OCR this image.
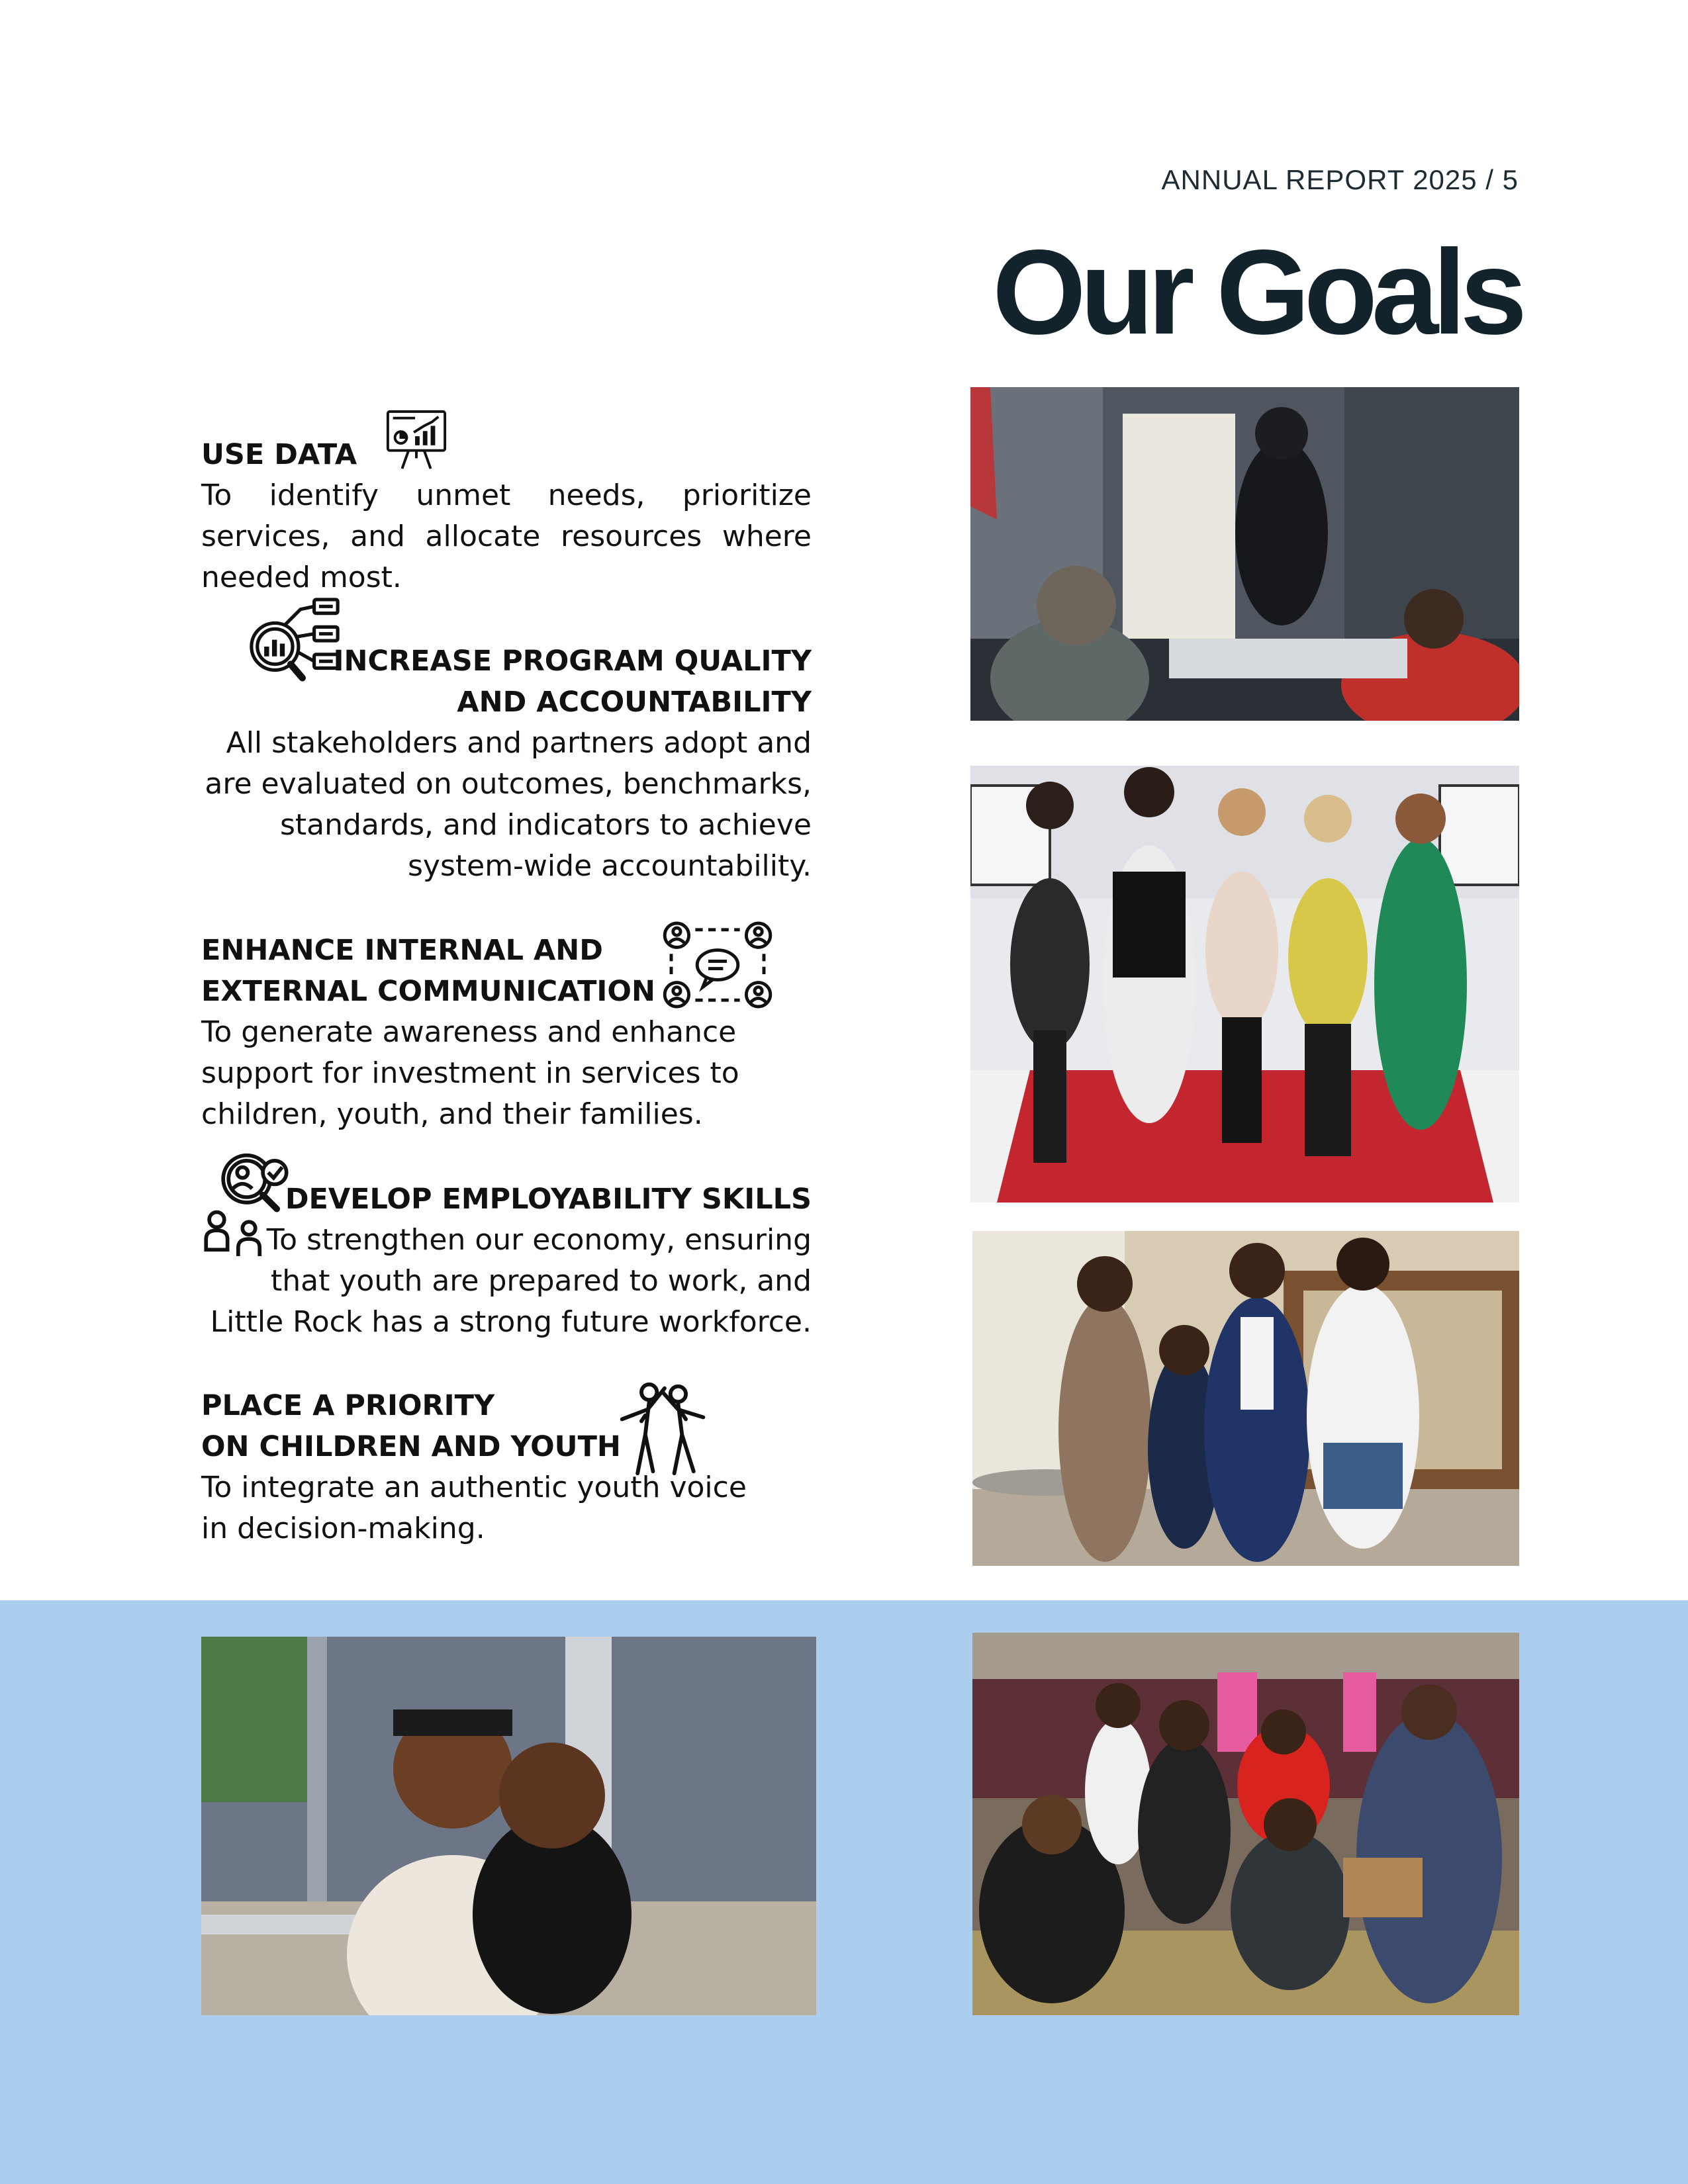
ANNUAL REPORT 2025 / 5
Our Goals

USE DATA

To identify unmet needs, prioritize services, and allocate resources where needed most.

INCREASE PROGRAM QUALITY

AND ACCOUNTABILITY

All stakeholders and partners adopt and

are evaluated on outcomes, benchmarks,

standards, and indicators to achieve

system-wide accountability.

ENHANCE INTERNAL AND

EXTERNAL COMMUNICATION

To generate awareness and enhance

support for investment in services to

children, youth, and their families.

DEVELOP EMPLOYABILITY SKILLS

To strengthen our economy, ensuring

that youth are prepared to work, and

Little Rock has a strong future workforce.

PLACE A PRIORITY

ON CHILDREN AND YOUTH

To integrate an authentic youth voice

in decision-making.
